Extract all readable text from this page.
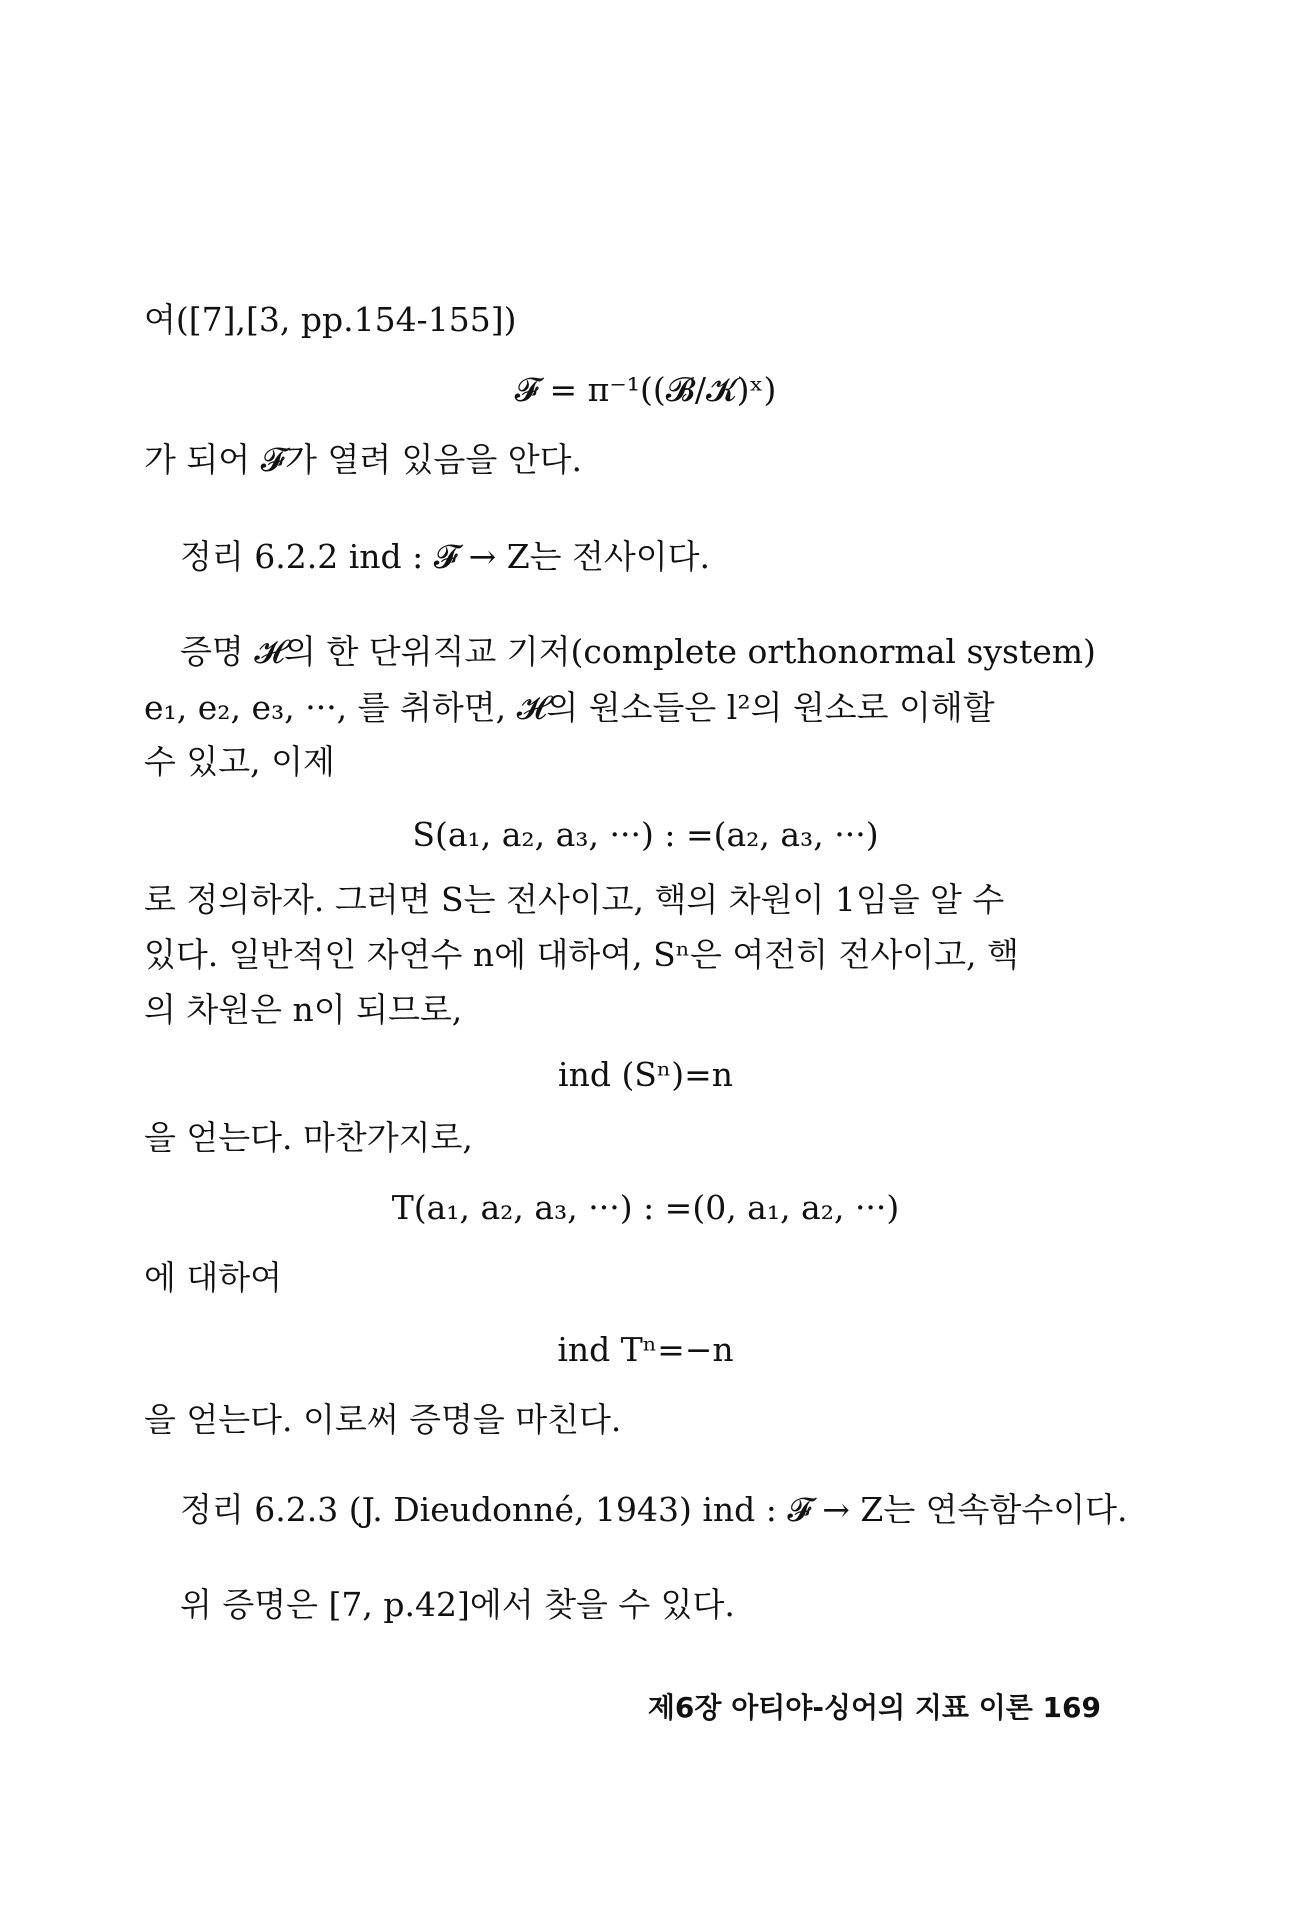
여([7],[3, pp.154-155])
𝓕 = π⁻¹((𝓑/𝓚)ˣ)
가 되어 𝓕가 열려 있음을 안다.
정리 6.2.2 ind : 𝓕 → Z는 전사이다.
증명 𝓗의 한 단위직교 기저(complete orthonormal system)
e₁, e₂, e₃, ···, 를 취하면, 𝓗의 원소들은 l²의 원소로 이해할
수 있고, 이제
S(a₁, a₂, a₃, ···) : =(a₂, a₃, ···)
로 정의하자. 그러면 S는 전사이고, 핵의 차원이 1임을 알 수
있다. 일반적인 자연수 n에 대하여, Sⁿ은 여전히 전사이고, 핵
의 차원은 n이 되므로,
ind (Sⁿ)=n
을 얻는다. 마찬가지로,
T(a₁, a₂, a₃, ···) : =(0, a₁, a₂, ···)
에 대하여
ind Tⁿ=−n
을 얻는다. 이로써 증명을 마친다.
정리 6.2.3 (J. Dieudonné, 1943) ind : 𝓕 → Z는 연속함수이다.
위 증명은 [7, p.42]에서 찾을 수 있다.
제6장 아티야-싱어의 지표 이론 169
